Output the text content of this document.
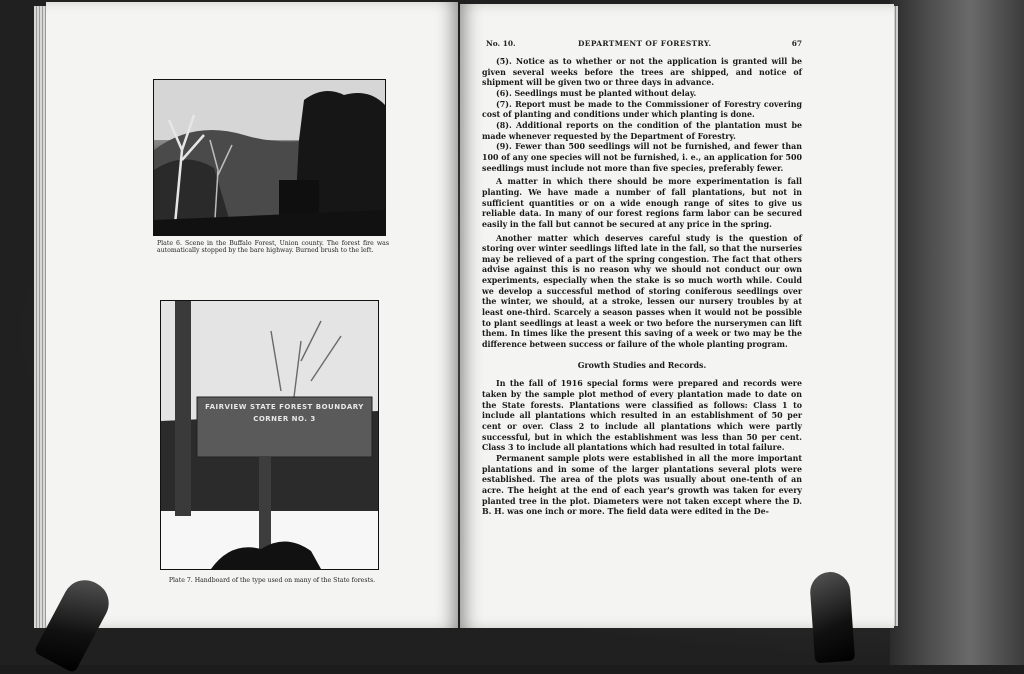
Plate 6. Scene in the Buffalo Forest, Union county. The forest fire was automatically stopped by the bare highway. Burned brush to the left.
FAIRVIEW STATE FOREST BOUNDARY CORNER NO. 3
Plate 7. Handboard of the type used on many of the State forests.
No. 10.	DEPARTMENT OF FORESTRY.	67

(5). Notice as to whether or not the application is granted will be given several weeks before the trees are shipped, and notice of shipment will be given two or three days in advance.

(6). Seedlings must be planted without delay.

(7). Report must be made to the Commissioner of Forestry covering cost of planting and conditions under which planting is done.

(8). Additional reports on the condition of the plantation must be made whenever requested by the Department of Forestry.

(9). Fewer than 500 seedlings will not be furnished, and fewer than 100 of any one species will not be furnished, i. e., an application for 500 seedlings must include not more than five species, preferably fewer.

A matter in which there should be more experimentation is fall planting. We have made a number of fall plantations, but not in sufficient quantities or on a wide enough range of sites to give us reliable data. In many of our forest regions farm labor can be secured easily in the fall but cannot be secured at any price in the spring.

Another matter which deserves careful study is the question of storing over winter seedlings lifted late in the fall, so that the nurseries may be relieved of a part of the spring congestion. The fact that others advise against this is no reason why we should not conduct our own experiments, especially when the stake is so much worth while. Could we develop a successful method of storing coniferous seedlings over the winter, we should, at a stroke, lessen our nursery troubles by at least one-third. Scarcely a season passes when it would not be possible to plant seedlings at least a week or two before the nurserymen can lift them. In times like the present this saving of a week or two may be the difference between success or failure of the whole planting program.

Growth Studies and Records.

In the fall of 1916 special forms were prepared and records were taken by the sample plot method of every plantation made to date on the State forests. Plantations were classified as follows: Class 1 to include all plantations which resulted in an establishment of 50 per cent or over. Class 2 to include all plantations which were partly successful, but in which the establishment was less than 50 per cent. Class 3 to include all plantations which had resulted in total failure.

Permanent sample plots were established in all the more important plantations and in some of the larger plantations several plots were established. The area of the plots was usually about one-tenth of an acre. The height at the end of each year's growth was taken for every planted tree in the plot. Diameters were not taken except where the D. B. H. was one inch or more. The field data were edited in the De-
